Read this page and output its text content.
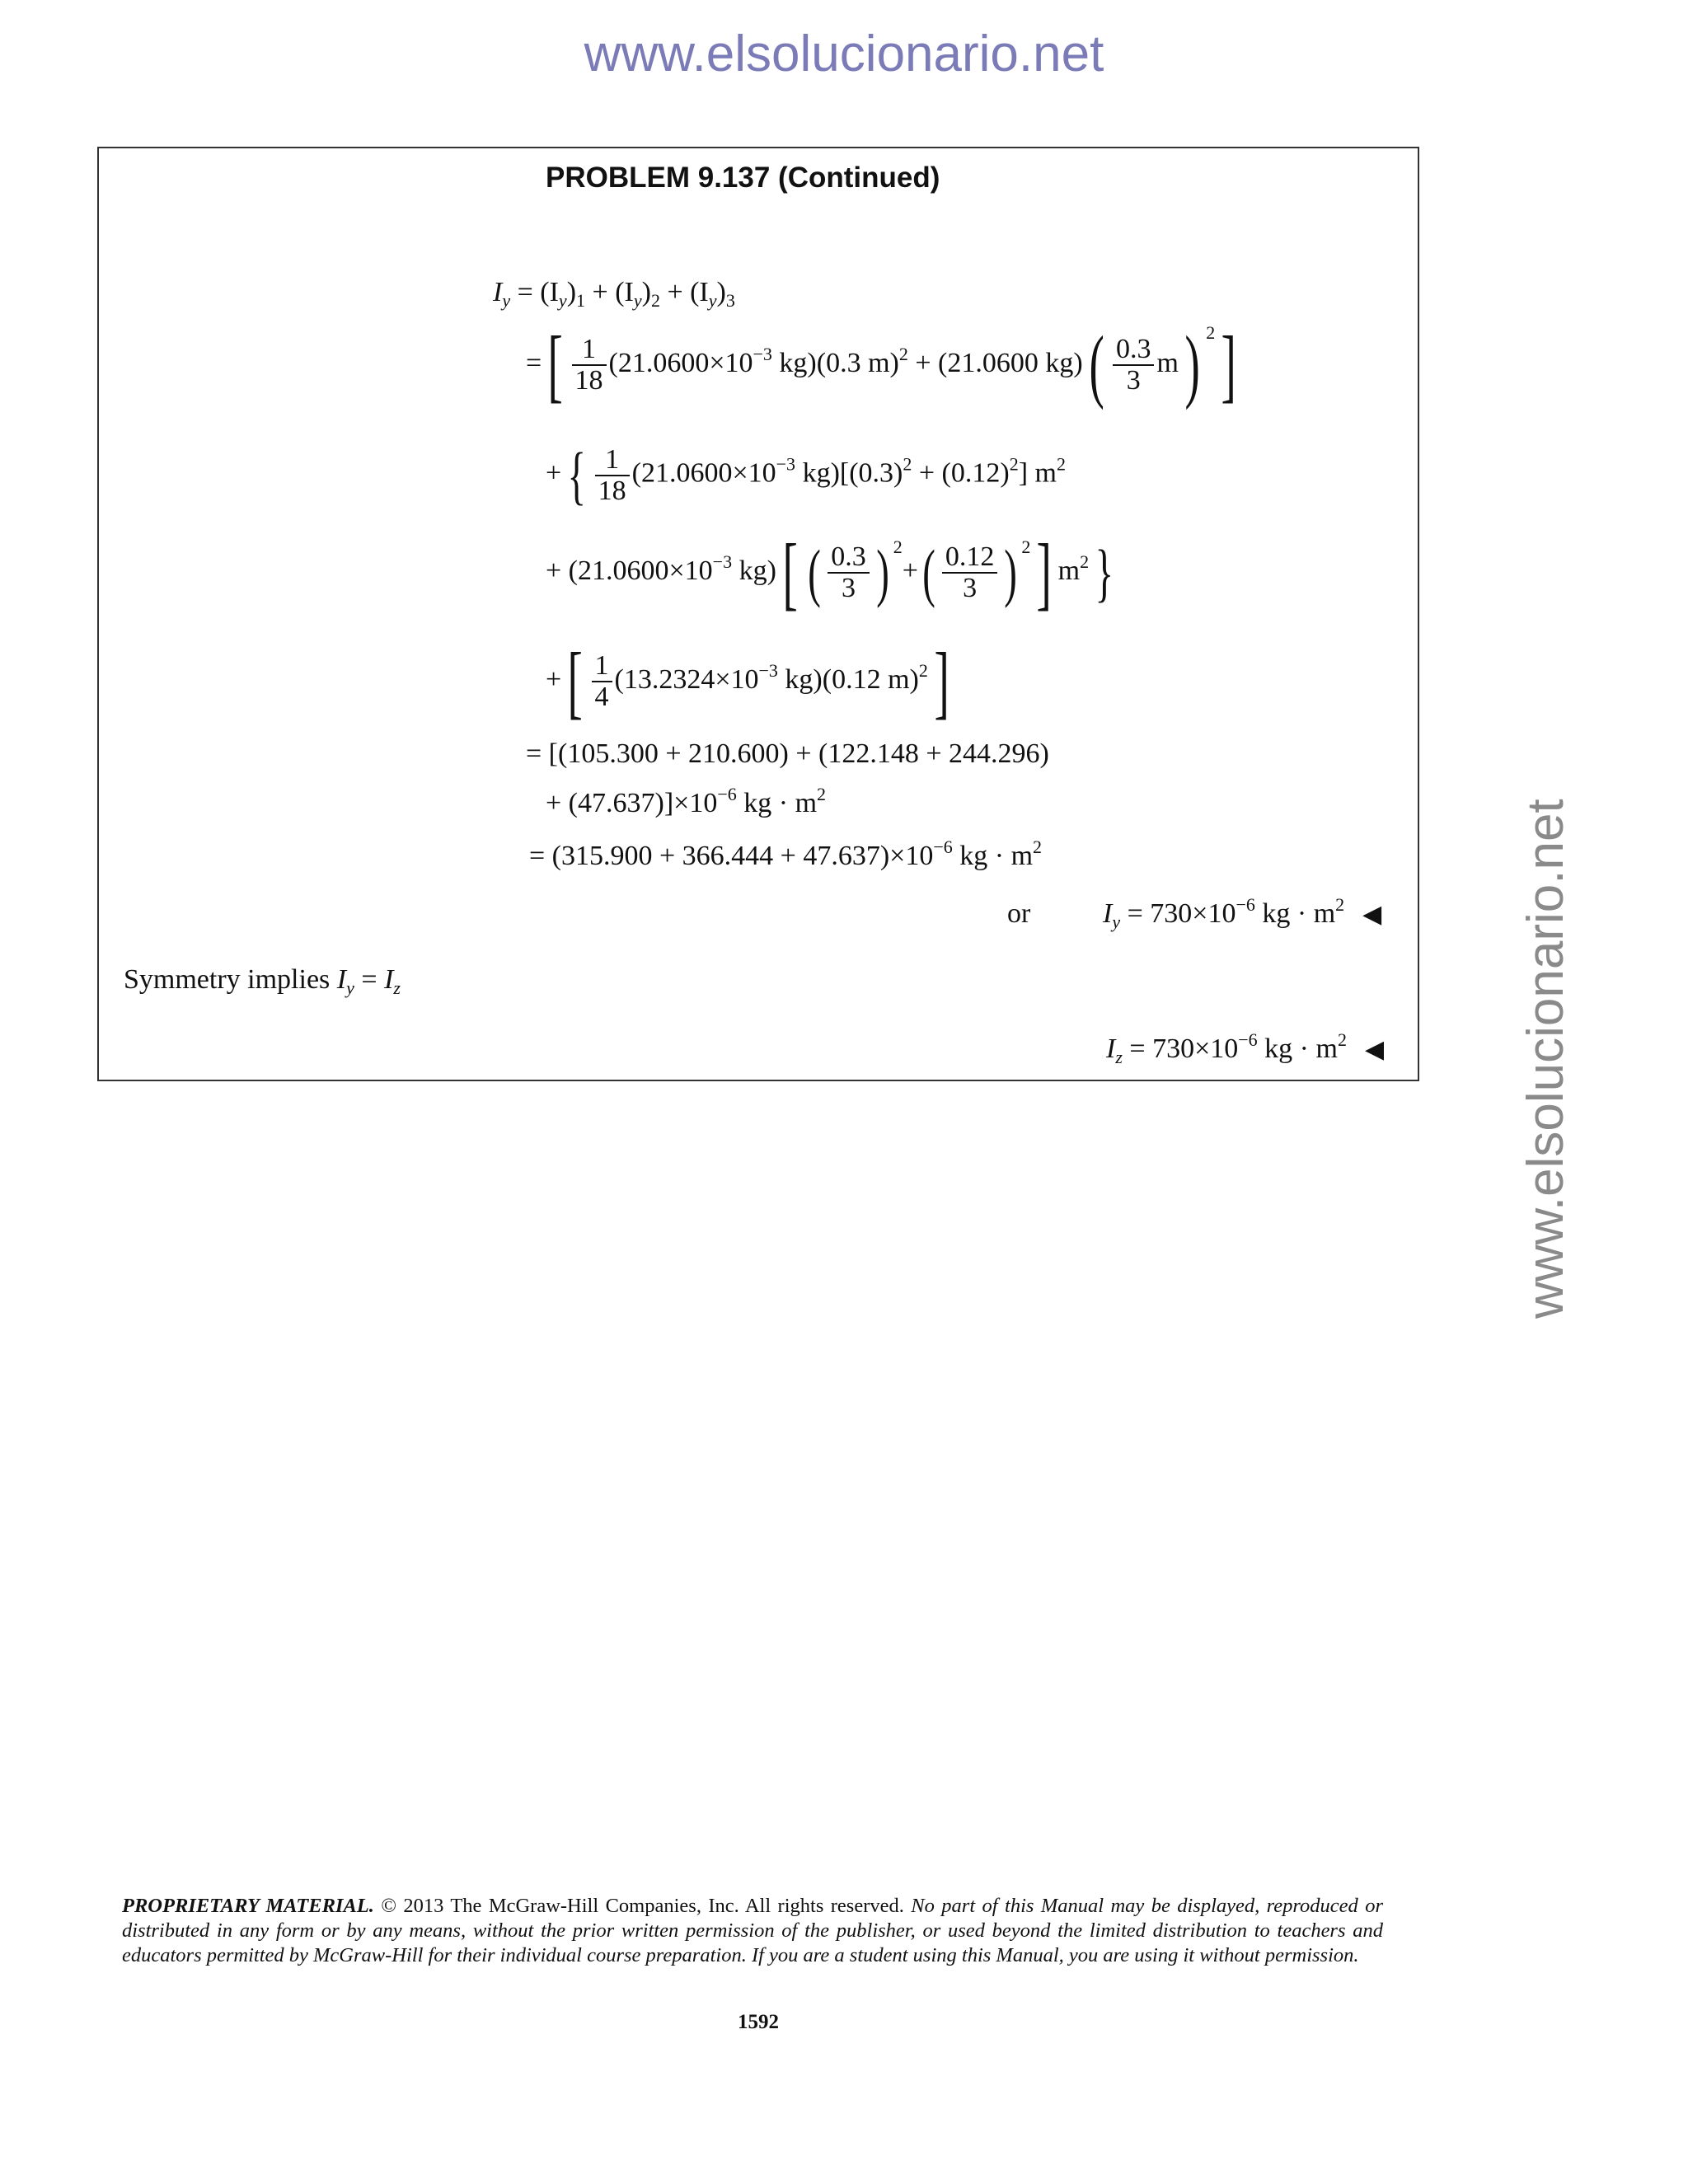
www.elsolucionario.net
www.elsolucionario.net
PROBLEM 9.137 (Continued)
$I_y = (I_y)_1 + (I_y)_2 + (I_y)_3$
=[ $\frac{1}{18} (21.0600\times 10^{-3}$ kg)(0.3 m)$^2$ + (21.0600 $kg)( \frac{0.3}{3} m)$ $^2$]
+{ $\frac{1}{18} (21.0600\times 10^{-3}$ $kg)[(0.3)^2 + (0.12)^2]$ $m^2$
+ ($21.0600\times 10^{-3}$ kg)[ ( $\frac{0.3}{3}$ ) $^2+( \frac{0.12}{3}$ ) $^2$] $m^2$}
+[ $\frac{1}{4} (13.2324\times 10^{-3}$ kg)(0.12 m)$^2$]
= [(105.300 + 210.600) + (122.148 + 244.296)
+ $(47.637)]\times 10^{-6}$ kg · $m^2$
= $(315.900 + 366.444 + 47.637)\times 10^{-6}$ kg · $m^2$
or	$I_y = 730\times 10^{-6}$ kg · $m^2$ ◀
Symmetry implies $I_y = I_z$
$I_z = 730\times 10^{-6}$ kg · $m^2$ ◀
PROPRIETARY MATERIAL. © 2013 The McGraw-Hill Companies, Inc. All rights reserved. No part of this Manual may be displayed, reproduced or distributed in any form or by any means, without the prior written permission of the publisher, or used beyond the limited distribution to teachers and educators permitted by McGraw-Hill for their individual course preparation. If you are a student using this Manual, you are using it without permission.
1592
